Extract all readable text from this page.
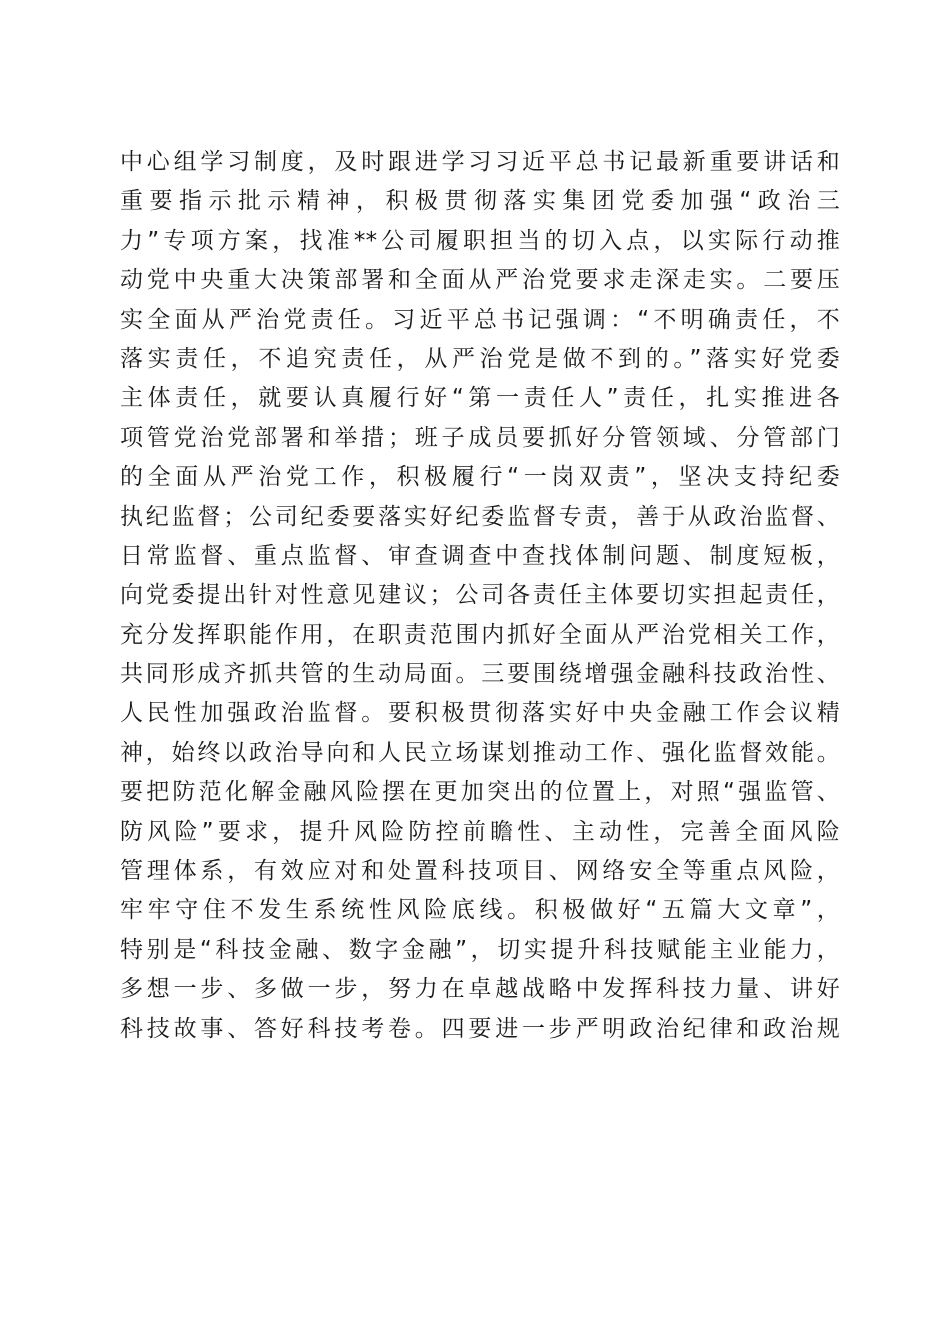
中心组学习制度，及时跟进学习习近平总书记最新重要讲话和
重要指示批示精神，积极贯彻落实集团党委加强“政治三
力”专项方案，找准**公司履职担当的切入点，以实际行动推
动党中央重大决策部署和全面从严治党要求走深走实。二要压
实全面从严治党责任。习近平总书记强调：“不明确责任，不
落实责任，不追究责任，从严治党是做不到的。”落实好党委
主体责任，就要认真履行好“第一责任人”责任，扎实推进各
项管党治党部署和举措；班子成员要抓好分管领域、分管部门
的全面从严治党工作，积极履行“一岗双责”，坚决支持纪委
执纪监督；公司纪委要落实好纪委监督专责，善于从政治监督、
日常监督、重点监督、审查调查中查找体制问题、制度短板，
向党委提出针对性意见建议；公司各责任主体要切实担起责任，
充分发挥职能作用，在职责范围内抓好全面从严治党相关工作，
共同形成齐抓共管的生动局面。三要围绕增强金融科技政治性、
人民性加强政治监督。要积极贯彻落实好中央金融工作会议精
神，始终以政治导向和人民立场谋划推动工作、强化监督效能。
要把防范化解金融风险摆在更加突出的位置上，对照“强监管、
防风险”要求，提升风险防控前瞻性、主动性，完善全面风险
管理体系，有效应对和处置科技项目、网络安全等重点风险，
牢牢守住不发生系统性风险底线。积极做好“五篇大文章”，
特别是“科技金融、数字金融”，切实提升科技赋能主业能力，
多想一步、多做一步，努力在卓越战略中发挥科技力量、讲好
科技故事、答好科技考卷。四要进一步严明政治纪律和政治规
